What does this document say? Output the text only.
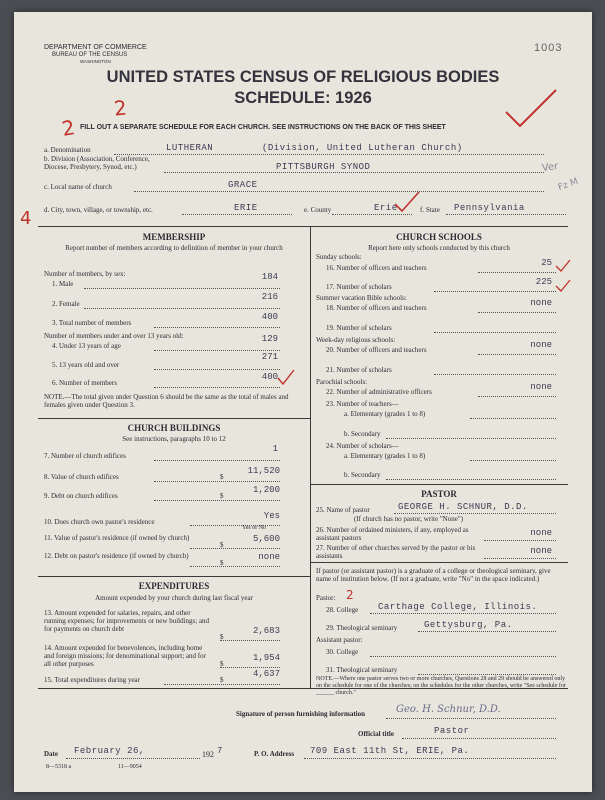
DEPARTMENT OF COMMERCE
BUREAU OF THE CENSUS
WASHINGTON
1003
UNITED STATES CENSUS OF RELIGIOUS BODIES
SCHEDULE: 1926
FILL OUT A SEPARATE SCHEDULE FOR EACH CHURCH. SEE INSTRUCTIONS ON THE BACK OF THIS SHEET
2
2
4
Ver
Fz M
a. Denomination	LUTHERAN	(Division, United Lutheran Church)
b. Division (Association, Conference, Diocese, Presbytery, Synod, etc.)	PITTSBURGH SYNOD
c. Local name of church	GRACE
d. City, town, village, or township, etc.	ERIE	e. County	Erie	f. State Pennsylvania
MEMBERSHIP
Report number of members according to definition of member in your church
Number of members, by sex:
1. Male
184
2. Female
216
3. Total number of members
400
Number of members under and over 13 years old:
4. Under 13 years of age
129
5. 13 years old and over
271
6. Number of members
400
NOTE.—The total given under Question 6 should be the same as the total of males and females given under Question 3.
CHURCH BUILDINGS
See instructions, paragraphs 10 to 12
7. Number of church edifices
1
8. Value of church edifices	$
11,520
9. Debt on church edifices	$
1,200
10. Does church own pastor's residence
Yes
Yes or No
11. Value of pastor's residence (if owned by church)
$
5,600
12. Debt on pastor's residence (if owned by church)
$
none
EXPENDITURES
Amount expended by your church during last fiscal year
13. Amount expended for salaries, repairs, and other running expenses; for improvements or new buildings; and for payments on church debt
$
2,683
14. Amount expended for benevolences, including home and foreign missions; for denominational support; and for all other purposes	$
1,954
15. Total expenditures during year	$
4,637
CHURCH SCHOOLS
Report here only schools conducted by this church
Sunday schools:
16. Number of officers and teachers	25
17. Number of scholars	225
Summer vacation Bible schools:
18. Number of officers and teachers	none
19. Number of scholars
Week-day religious schools:
20. Number of officers and teachers	none
21. Number of scholars
Parochial schools:
22. Number of administrative officers	none
23. Number of teachers—
a. Elementary (grades 1 to 8)
b. Secondary
24. Number of scholars—
a. Elementary (grades 1 to 8)
b. Secondary
PASTOR
25. Name of pastor	GEORGE H. SCHNUR, D.D.
(If church has no pastor, write "None")
26. Number of ordained ministers, if any, employed as assistant pastors	none
27. Number of other churches served by the pastor or his assistants	none
If pastor (or assistant pastor) is a graduate of a college or theological seminary, give name of institution below. (If not a graduate, write "No" in the space indicated.)
Pastor: 2
28. College Carthage College, Illinois.
29. Theological seminary	Gettysburg, Pa.
Assistant pastor:
30. College
31. Theological seminary
NOTE.—Where one pastor serves two or more churches, Questions 28 and 29 should be answered only on the schedule for one of the churches; on the schedules for the other churches, write "See schedule for ______ church."
Signature of person furnishing information	Geo. H. Schnur, D.D.
Official title	Pastor
Date February 26,	192 7	P. O. Address 709 East 11th St, ERIE, Pa.
8—5318 a	11—9054
